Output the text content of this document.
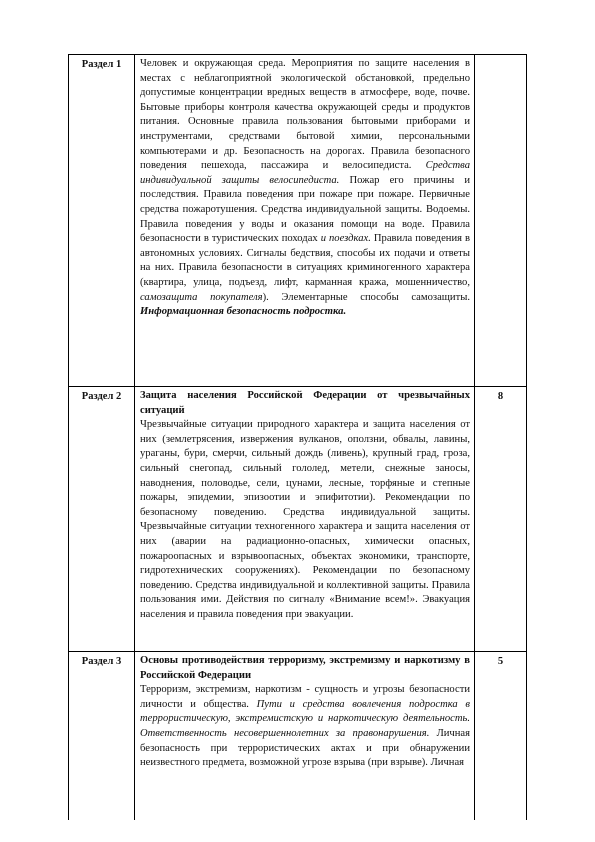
Раздел 1	Человек и окружающая среда. Мероприятия по защите населения в местах с неблагоприятной экологической обстановкой, предельно допустимые концентрации вредных веществ в атмосфере, воде, почве. Бытовые приборы контроля качества окружающей среды и продуктов питания. Основные правила пользования бытовыми приборами и инструментами, средствами бытовой химии, персональными компьютерами и др. Безопасность на дорогах. Правила безопасного поведения пешехода, пассажира и велосипедиста. Средства индивидуальной защиты велосипедиста. Пожар его причины и последствия. Правила поведения при пожаре при пожаре. Первичные средства пожаротушения. Средства индивидуальной защиты. Водоемы. Правила поведения у воды и оказания помощи на воде. Правила безопасности в туристических походах и поездках. Правила поведения в автономных условиях. Сигналы бедствия, способы их подачи и ответы на них. Правила безопасности в ситуациях криминогенного характера (квартира, улица, подъезд, лифт, карманная кража, мошенничество, самозащита покупателя). Элементарные способы самозащиты. Информационная безопасность подростка.	

Раздел 2	Защита населения Российской Федерации от чрезвычайных ситуаций

Чрезвычайные ситуации природного характера и защита населения от них (землетрясения, извержения вулканов, оползни, обвалы, лавины, ураганы, бури, смерчи, сильный дождь (ливень), крупный град, гроза, сильный снегопад, сильный гололед, метели, снежные заносы, наводнения, половодье, сели, цунами, лесные, торфяные и степные пожары, эпидемии, эпизоотии и эпифитотии). Рекомендации по безопасному поведению. Средства индивидуальной защиты. Чрезвычайные ситуации техногенного характера и защита населения от них (аварии на радиационно-опасных, химически опасных, пожароопасных и взрывоопасных, объектах экономики, транспорте, гидротехнических сооружениях). Рекомендации по безопасному поведению. Средства индивидуальной и коллективной защиты. Правила пользования ими. Действия по сигналу «Внимание всем!». Эвакуация населения и правила поведения при эвакуации.	8
Раздел 3	Основы противодействия терроризму, экстремизму и наркотизму в Российской Федерации

Терроризм, экстремизм, наркотизм - сущность и угрозы безопасности личности и общества. Пути и средства вовлечения подростка в террористическую, экстремистскую и наркотическую деятельность. Ответственность несовершеннолетних за правонарушения. Личная безопасность при террористических актах и при обнаружении неизвестного предмета, возможной угрозе взрыва (при взрыве). Личная	5
